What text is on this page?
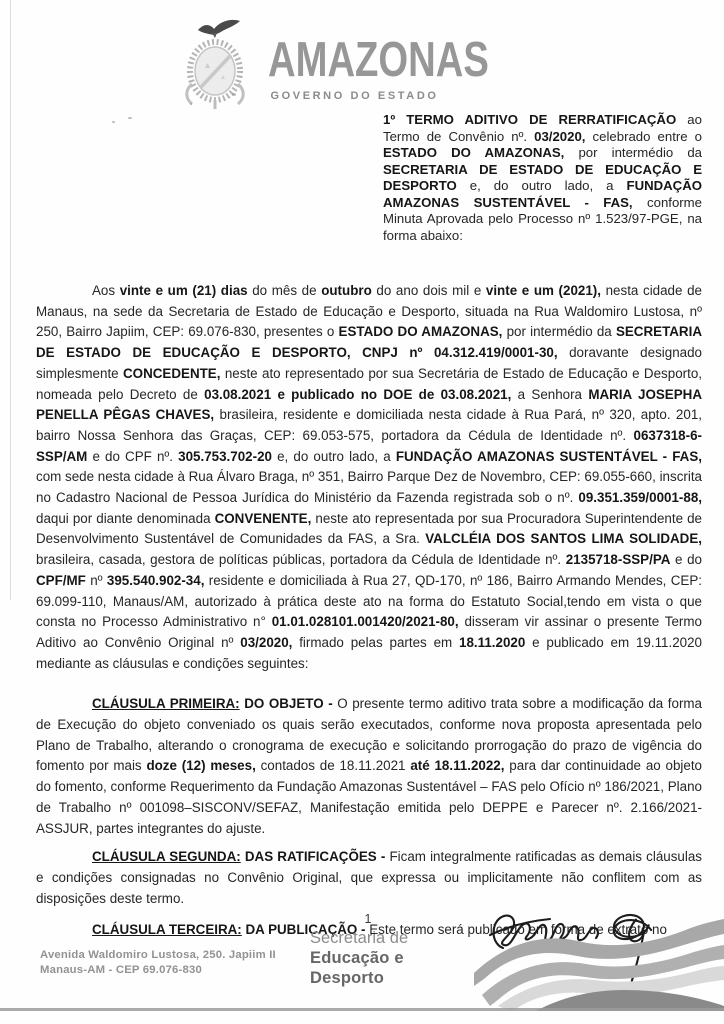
AMAZONAS
GOVERNO DO ESTADO
1º TERMO ADITIVO DE RERRATIFICAÇÃO ao Termo de Convênio nº. 03/2020, celebrado entre o ESTADO DO AMAZONAS, por intermédio da SECRETARIA DE ESTADO DE EDUCAÇÃO E DESPORTO e, do outro lado, a FUNDAÇÃO AMAZONAS SUSTENTÁVEL - FAS, conforme Minuta Aprovada pelo Processo nº 1.523/97-PGE, na forma abaixo:

Aos vinte e um (21) dias do mês de outubro do ano dois mil e vinte e um (2021), nesta cidade de Manaus, na sede da Secretaria de Estado de Educação e Desporto, situada na Rua Waldomiro Lustosa, nº 250, Bairro Japiim, CEP: 69.076-830, presentes o ESTADO DO AMAZONAS, por intermédio da SECRETARIA DE ESTADO DE EDUCAÇÃO E DESPORTO, CNPJ nº 04.312.419/0001-30, doravante designado simplesmente CONCEDENTE, neste ato representado por sua Secretária de Estado de Educação e Desporto, nomeada pelo Decreto de 03.08.2021 e publicado no DOE de 03.08.2021, a Senhora MARIA JOSEPHA PENELLA PÊGAS CHAVES, brasileira, residente e domiciliada nesta cidade à Rua Pará, nº 320, apto. 201, bairro Nossa Senhora das Graças, CEP: 69.053-575, portadora da Cédula de Identidade nº. 0637318-6-SSP/AM e do CPF nº. 305.753.702-20 e, do outro lado, a FUNDAÇÃO AMAZONAS SUSTENTÁVEL - FAS, com sede nesta cidade à Rua Álvaro Braga, nº 351, Bairro Parque Dez de Novembro, CEP: 69.055-660, inscrita no Cadastro Nacional de Pessoa Jurídica do Ministério da Fazenda registrada sob o nº. 09.351.359/0001-88, daqui por diante denominada CONVENENTE, neste ato representada por sua Procuradora Superintendente de Desenvolvimento Sustentável de Comunidades da FAS, a Sra. VALCLÉIA DOS SANTOS LIMA SOLIDADE, brasileira, casada, gestora de políticas públicas, portadora da Cédula de Identidade nº. 2135718-SSP/PA e do CPF/MF nº 395.540.902-34, residente e domiciliada à Rua 27, QD-170, nº 186, Bairro Armando Mendes, CEP: 69.099-110, Manaus/AM, autorizado à prática deste ato na forma do Estatuto Social,tendo em vista o que consta no Processo Administrativo n° 01.01.028101.001420/2021-80, disseram vir assinar o presente Termo Aditivo ao Convênio Original nº 03/2020, firmado pelas partes em 18.11.2020 e publicado em 19.11.2020 mediante as cláusulas e condições seguintes:

CLÁUSULA PRIMEIRA: DO OBJETO - O presente termo aditivo trata sobre a modificação da forma de Execução do objeto conveniado os quais serão executados, conforme nova proposta apresentada pelo Plano de Trabalho, alterando o cronograma de execução e solicitando prorrogação do prazo de vigência do fomento por mais doze (12) meses, contados de 18.11.2021 até 18.11.2022, para dar continuidade ao objeto do fomento, conforme Requerimento da Fundação Amazonas Sustentável – FAS pelo Ofício nº 186/2021, Plano de Trabalho nº 001098–SISCONV/SEFAZ, Manifestação emitida pelo DEPPE e Parecer nº. 2.166/2021-ASSJUR, partes integrantes do ajuste.

CLÁUSULA SEGUNDA: DAS RATIFICAÇÕES - Ficam integralmente ratificadas as demais cláusulas e condições consignadas no Convênio Original, que expressa ou implicitamente não conflitem com as disposições deste termo.

CLÁUSULA TERCEIRA: DA PUBLICAÇÃO - Este termo será publicado em forma de extrato no

1
Avenida Waldomiro Lustosa, 250. Japiim II
Manaus-AM - CEP 69.076-830
Secretaria de
Educação e
Desporto
